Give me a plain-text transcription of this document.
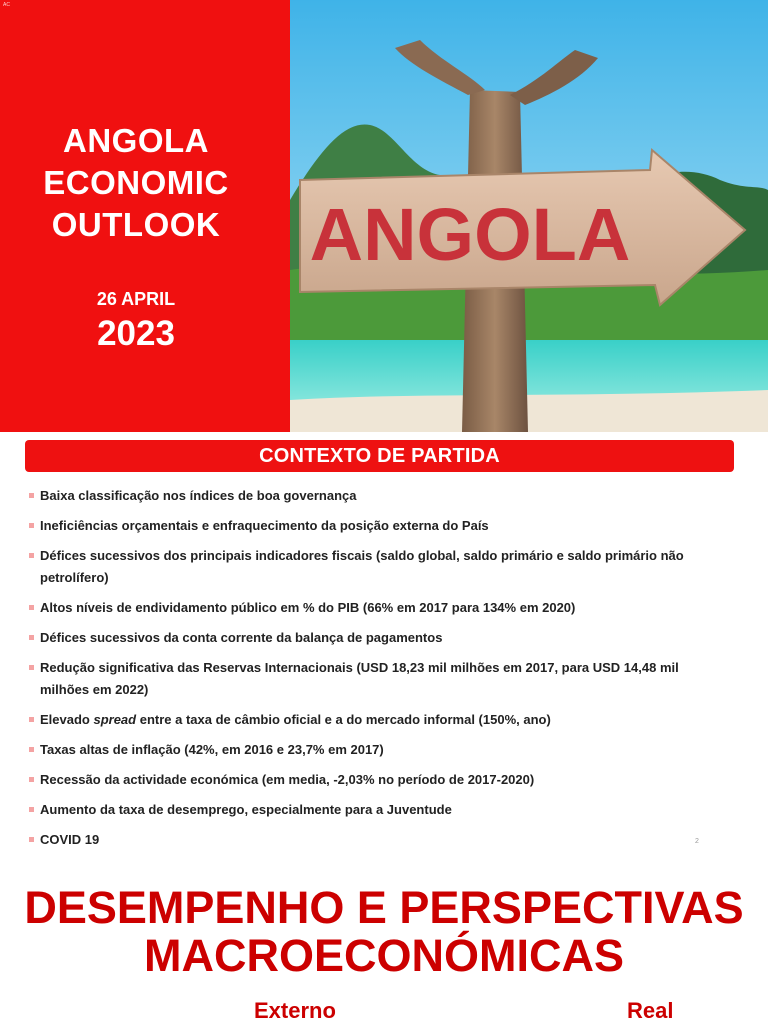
ANGOLA
AC
ANGOLA
ECONOMIC
OUTLOOK
26 APRIL
2023
CONTEXTO DE PARTIDA
Baixa classificação nos índices de boa governança
Ineficiências orçamentais e enfraquecimento da posição externa do País
Défices sucessivos dos principais indicadores fiscais (saldo global, saldo primário e saldo primário não petrolífero)
Altos níveis de endividamento público em % do PIB (66% em 2017 para 134% em 2020)
Défices sucessivos da conta corrente da balança de pagamentos
Redução significativa das Reservas Internacionais (USD 18,23 mil milhões em 2017, para USD 14,48 mil milhões em 2022)
Elevado spread entre a taxa de câmbio oficial e a do mercado informal (150%, ano)
Taxas altas de inflação (42%, em 2016 e 23,7% em 2017)
Recessão da actividade económica (em media, -2,03% no período de 2017-2020)
Aumento da taxa de desemprego, especialmente para a Juventude
COVID 19	2
DESEMPENHO E PERSPECTIVAS
MACROECONÓMICAS
Externo	Real
